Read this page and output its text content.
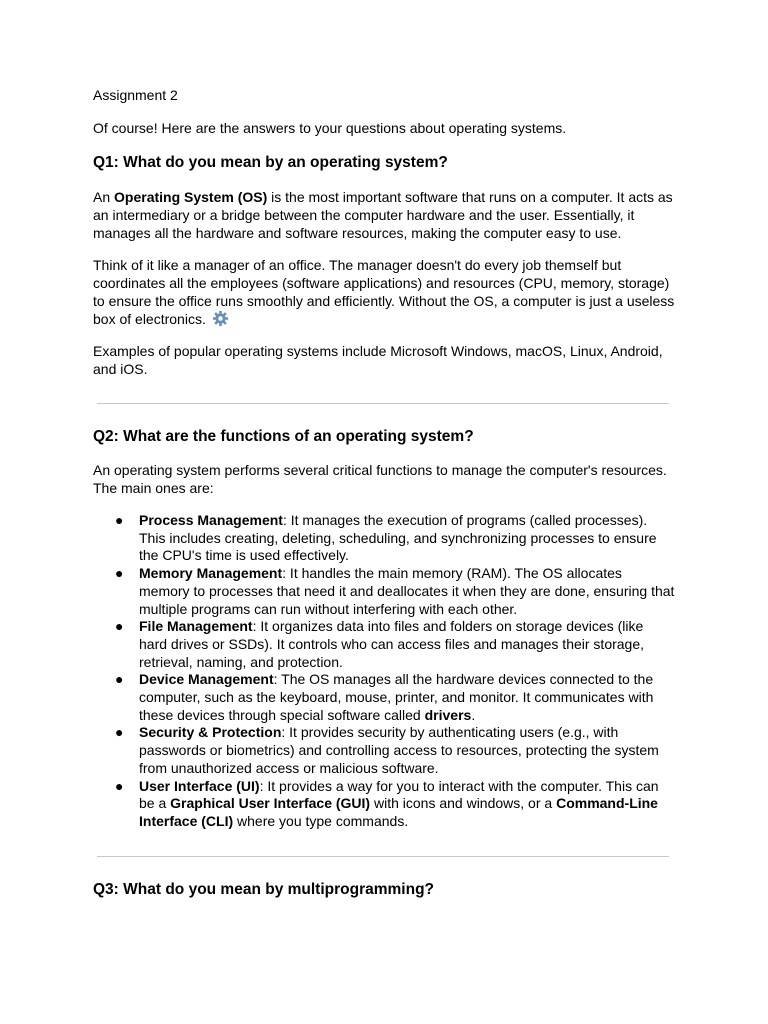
Assignment 2

Of course! Here are the answers to your questions about operating systems.

Q1: What do you mean by an operating system?

An Operating System (OS) is the most important software that runs on a computer. It acts as an intermediary or a bridge between the computer hardware and the user. Essentially, it manages all the hardware and software resources, making the computer easy to use.

Think of it like a manager of an office. The manager doesn't do every job themself but coordinates all the employees (software applications) and resources (CPU, memory, storage) to ensure the office runs smoothly and efficiently. Without the OS, a computer is just a useless box of electronics.

Examples of popular operating systems include Microsoft Windows, macOS, Linux, Android, and iOS.

Q2: What are the functions of an operating system?

An operating system performs several critical functions to manage the computer's resources. The main ones are:

● Process Management: It manages the execution of programs (called processes). This includes creating, deleting, scheduling, and synchronizing processes to ensure the CPU's time is used effectively.
● Memory Management: It handles the main memory (RAM). The OS allocates memory to processes that need it and deallocates it when they are done, ensuring that multiple programs can run without interfering with each other.
● File Management: It organizes data into files and folders on storage devices (like hard drives or SSDs). It controls who can access files and manages their storage, retrieval, naming, and protection.
● Device Management: The OS manages all the hardware devices connected to the computer, such as the keyboard, mouse, printer, and monitor. It communicates with these devices through special software called drivers.
● Security & Protection: It provides security by authenticating users (e.g., with passwords or biometrics) and controlling access to resources, protecting the system from unauthorized access or malicious software.
● User Interface (UI): It provides a way for you to interact with the computer. This can be a Graphical User Interface (GUI) with icons and windows, or a Command-Line Interface (CLI) where you type commands.

Q3: What do you mean by multiprogramming?
